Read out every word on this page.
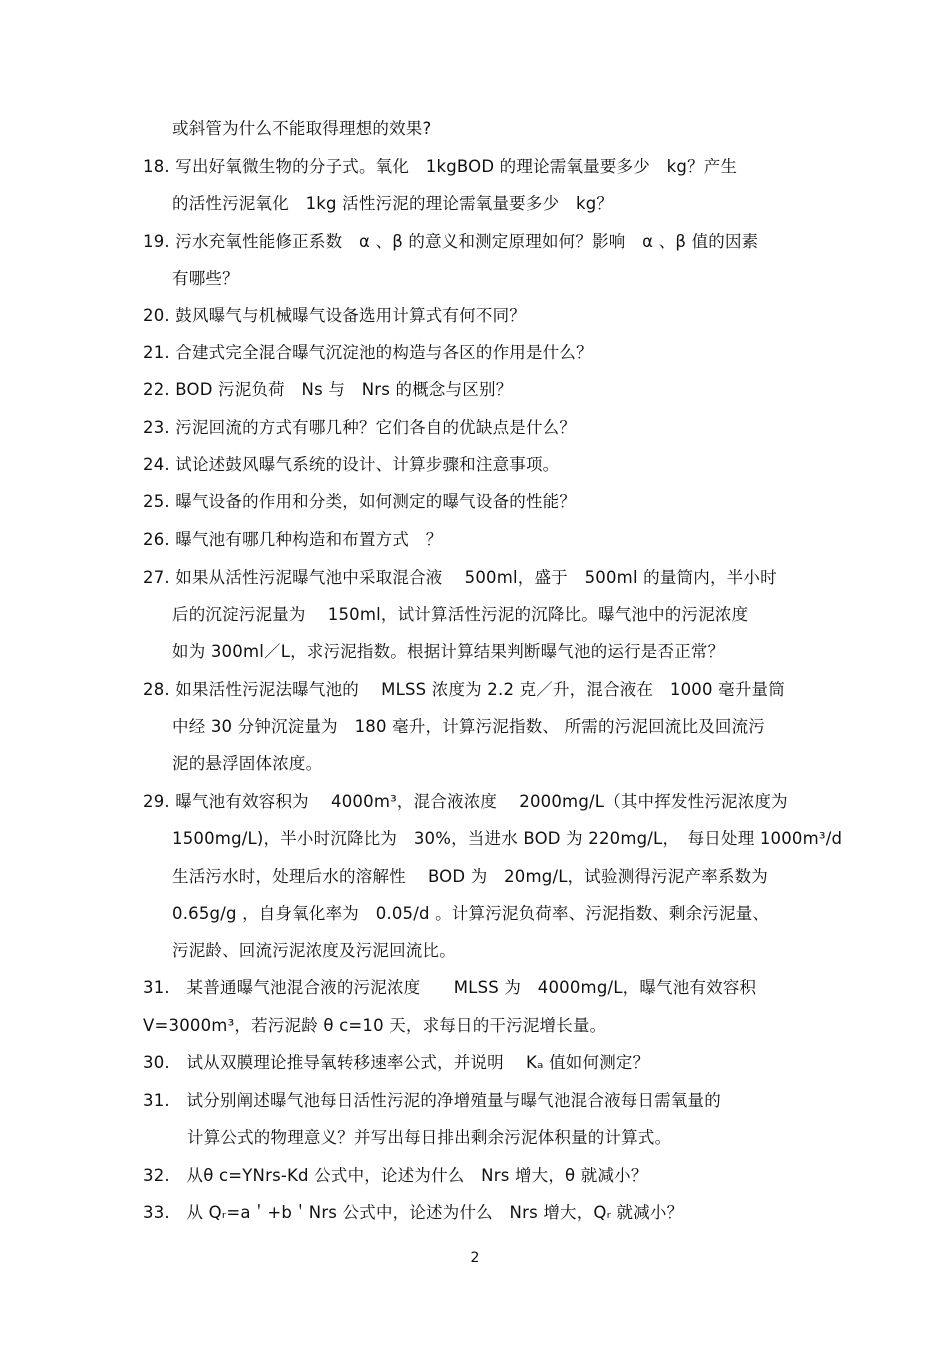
或斜管为什么不能取得理想的效果?
18. 写出好氧微生物的分子式。氧化　1kgBOD 的理论需氧量要多少　kg？产生
的活性污泥氧化　1kg 活性污泥的理论需氧量要多少　kg？
19. 污水充氧性能修正系数　α 、β 的意义和测定原理如何？影响　α 、β 值的因素
有哪些？
20. 鼓风曝气与机械曝气设备选用计算式有何不同？
21. 合建式完全混合曝气沉淀池的构造与各区的作用是什么？
22. BOD 污泥负荷　Ns 与　Nrs 的概念与区别？
23. 污泥回流的方式有哪几种？它们各自的优缺点是什么？
24. 试论述鼓风曝气系统的设计、计算步骤和注意事项。
25. 曝气设备的作用和分类，如何测定的曝气设备的性能？
26. 曝气池有哪几种构造和布置方式　？
27. 如果从活性污泥曝气池中采取混合液　 500ml，盛于　500ml 的量筒内，半小时
后的沉淀污泥量为　 150ml，试计算活性污泥的沉降比。曝气池中的污泥浓度
如为 300ml／L，求污泥指数。根据计算结果判断曝气池的运行是否正常？
28. 如果活性污泥法曝气池的　 MLSS 浓度为 2.2 克／升，混合液在　1000 毫升量筒
中经 30 分钟沉淀量为　180 毫升，计算污泥指数、 所需的污泥回流比及回流污
泥的悬浮固体浓度。
29. 曝气池有效容积为　 4000m³，混合液浓度　 2000mg/L（其中挥发性污泥浓度为
1500mg/L)，半小时沉降比为　30%，当进水 BOD 为 220mg/L，　每日处理 1000m³/d
生活污水时，处理后水的溶解性　 BOD 为　20mg/L，试验测得污泥产率系数为
0.65g/g ，自身氧化率为　0.05/d 。计算污泥负荷率、污泥指数、剩余污泥量、
污泥龄、回流污泥浓度及污泥回流比。
31.　某普通曝气池混合液的污泥浓度　　MLSS 为　4000mg/L，曝气池有效容积
V=3000m³，若污泥龄 θ c=10 天，求每日的干污泥增长量。
30.　试从双膜理论推导氧转移速率公式，并说明　 Kₐ 值如何测定？
31.　试分别阐述曝气池每日活性污泥的净增殖量与曝气池混合液每日需氧量的
计算公式的物理意义？并写出每日排出剩余污泥体积量的计算式。
32.　从θ c=YNrs-Kd 公式中，论述为什么　Nrs 增大，θ 就减小？
33.　从 Qᵣ=a＇+b＇Nrs 公式中，论述为什么　Nrs 增大，Qᵣ 就减小？
2
